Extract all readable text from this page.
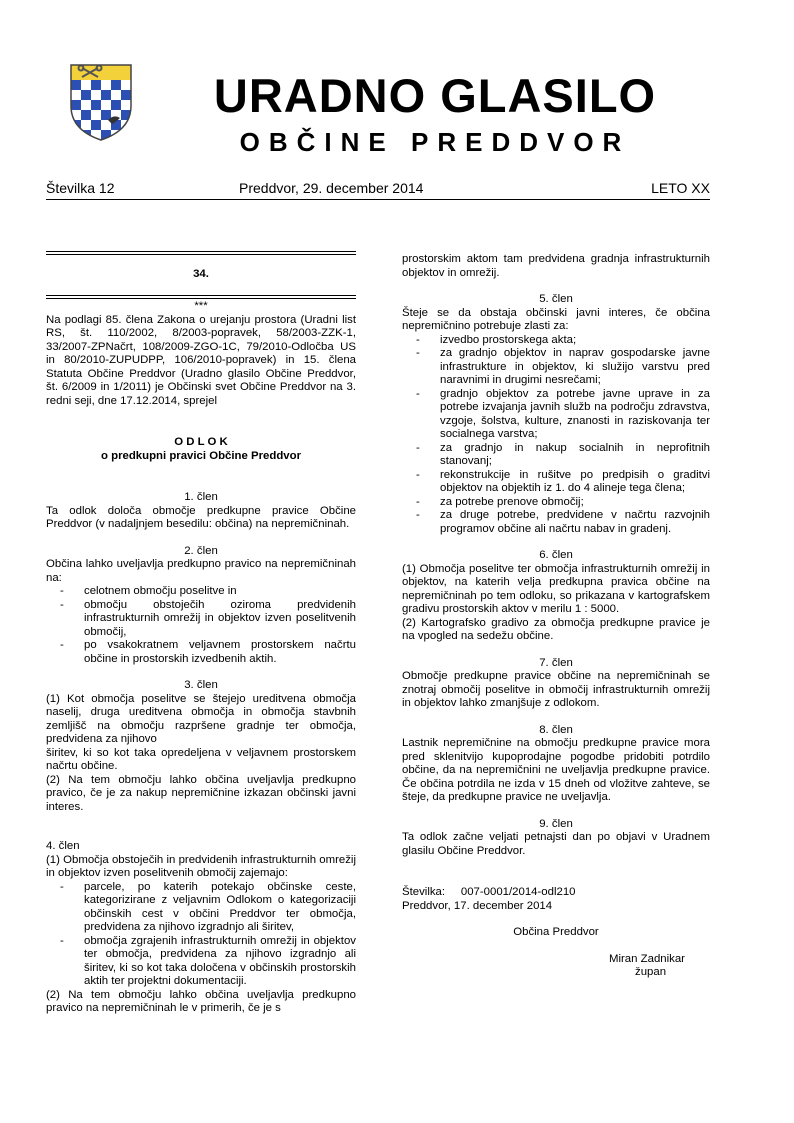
URADNO GLASILO
OBČINE PREDDVOR
Številka 12	Preddvor, 29. december 2014	LETO XX

34.

***

Na podlagi 85. člena Zakona o urejanju prostora (Uradni list RS, št. 110/2002, 8/2003-popravek, 58/2003-ZZK-1, 33/2007-ZPNačrt, 108/2009-ZGO-1C, 79/2010-Odločba US in 80/2010-ZUPUDPP, 106/2010-popravek) in 15. člena Statuta Občine Preddvor (Uradno glasilo Občine Preddvor, št. 6/2009 in 1/2011) je Občinski svet Občine Preddvor na 3. redni seji, dne 17.12.2014, sprejel

O D L O K

o predkupni pravici Občine Preddvor

1. člen

Ta odlok določa območje predkupne pravice Občine Preddvor (v nadaljnjem besedilu: občina) na nepremičninah.

2. člen

Občina lahko uveljavlja predkupno pravico na nepremičninah na:

- celotnem območju poselitve in
- območju obstoječih oziroma predvidenih infrastrukturnih omrežij in objektov izven poselitvenih območij,
- po vsakokratnem veljavnem prostorskem načrtu občine in prostorskih izvedbenih aktih.

3. člen

(1) Kot območja poselitve se štejejo ureditvena območja naselij, druga ureditvena območja in območja stavbnih zemljišč na območju razpršene gradnje ter območja, predvidena za njihovo

širitev, ki so kot taka opredeljena v veljavnem prostorskem načrtu občine.

(2) Na tem območju lahko občina uveljavlja predkupno pravico, če je za nakup nepremičnine izkazan občinski javni interes.

4. člen

(1) Območja obstoječih in predvidenih infrastrukturnih omrežij in objektov izven poselitvenih območij zajemajo:

- parcele, po katerih potekajo občinske ceste, kategorizirane z veljavnim Odlokom o kategorizaciji občinskih cest v občini Preddvor ter območja, predvidena za njihovo izgradnjo ali širitev,
- območja zgrajenih infrastrukturnih omrežij in objektov ter območja, predvidena za njihovo izgradnjo ali širitev, ki so kot taka določena v občinskih prostorskih aktih ter projektni dokumentaciji.

(2) Na tem območju lahko občina uveljavlja predkupno pravico na nepremičninah le v primerih, če je s

prostorskim aktom tam predvidena gradnja infrastrukturnih objektov in omrežij.

5. člen

Šteje se da obstaja občinski javni interes, če občina nepremičnino potrebuje zlasti za:

- izvedbo prostorskega akta;
- za gradnjo objektov in naprav gospodarske javne infrastrukture in objektov, ki služijo varstvu pred naravnimi in drugimi nesrečami;
- gradnjo objektov za potrebe javne uprave in za potrebe izvajanja javnih služb na področju zdravstva, vzgoje, šolstva, kulture, znanosti in raziskovanja ter socialnega varstva;
- za gradnjo in nakup socialnih in neprofitnih stanovanj;
- rekonstrukcije in rušitve po predpisih o graditvi objektov na objektih iz 1. do 4 alineje tega člena;
- za potrebe prenove območij;
- za druge potrebe, predvidene v načrtu razvojnih programov občine ali načrtu nabav in gradenj.

6. člen

(1) Območja poselitve ter območja infrastrukturnih omrežij in objektov, na katerih velja predkupna pravica občine na nepremičninah po tem odloku, so prikazana v kartografskem gradivu prostorskih aktov v merilu 1 : 5000.

(2) Kartografsko gradivo za območja predkupne pravice je na vpogled na sedežu občine.

7. člen

Območje predkupne pravice občine na nepremičninah se znotraj območij poselitve in območij infrastrukturnih omrežij in objektov lahko zmanjšuje z odlokom.

8. člen

Lastnik nepremičnine na območju predkupne pravice mora pred sklenitvijo kupoprodajne pogodbe pridobiti potrdilo občine, da na nepremičnini ne uveljavlja predkupne pravice. Če občina potrdila ne izda v 15 dneh od vložitve zahteve, se šteje, da predkupne pravice ne uveljavlja.

9. člen

Ta odlok začne veljati petnajsti dan po objavi v Uradnem glasilu Občine Preddvor.

Številka:     007-0001/2014-odl210

Preddvor, 17. december 2014

Občina Preddvor

Miran Zadnikar

župan
